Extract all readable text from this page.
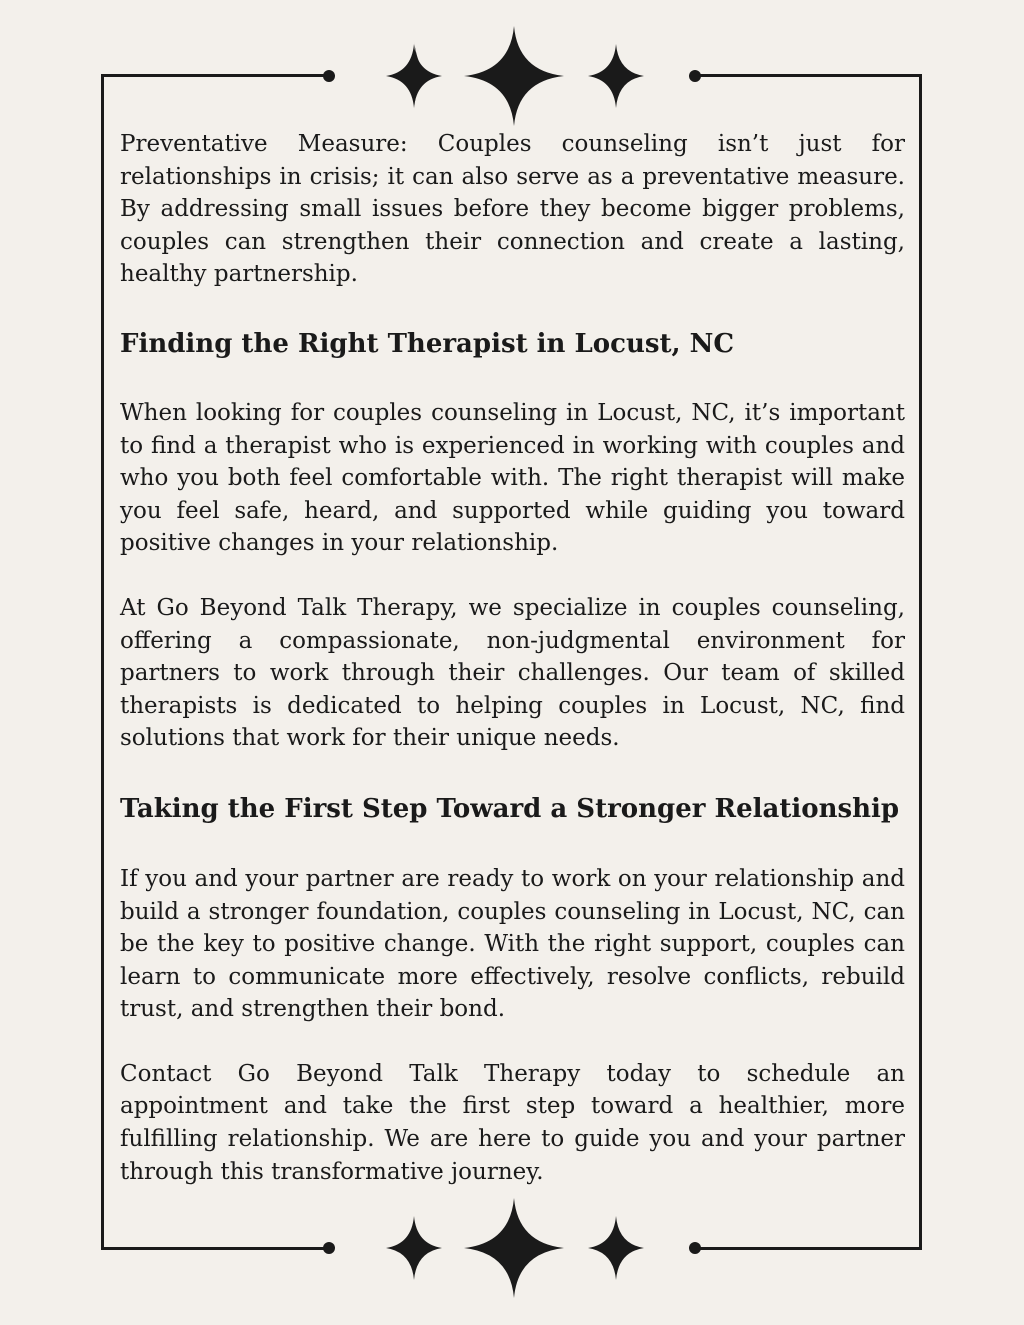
Preventative Measure: Couples counseling isn’t just for relationships in crisis; it can also serve as a preventative measure. By addressing small issues before they become bigger problems, couples can strengthen their connection and create a lasting, healthy partnership.

Finding the Right Therapist in Locust, NC

When looking for couples counseling in Locust, NC, it’s important to find a therapist who is experienced in working with couples and who you both feel comfortable with. The right therapist will make you feel safe, heard, and supported while guiding you toward positive changes in your relationship.

At Go Beyond Talk Therapy, we specialize in couples counseling, offering a compassionate, non-judgmental environment for partners to work through their challenges. Our team of skilled therapists is dedicated to helping couples in Locust, NC, find solutions that work for their unique needs.

Taking the First Step Toward a Stronger Relationship

If you and your partner are ready to work on your relationship and build a stronger foundation, couples counseling in Locust, NC, can be the key to positive change. With the right support, couples can learn to communicate more effectively, resolve conflicts, rebuild trust, and strengthen their bond.

Contact Go Beyond Talk Therapy today to schedule an appointment and take the first step toward a healthier, more fulfilling relationship. We are here to guide you and your partner through this transformative journey.
